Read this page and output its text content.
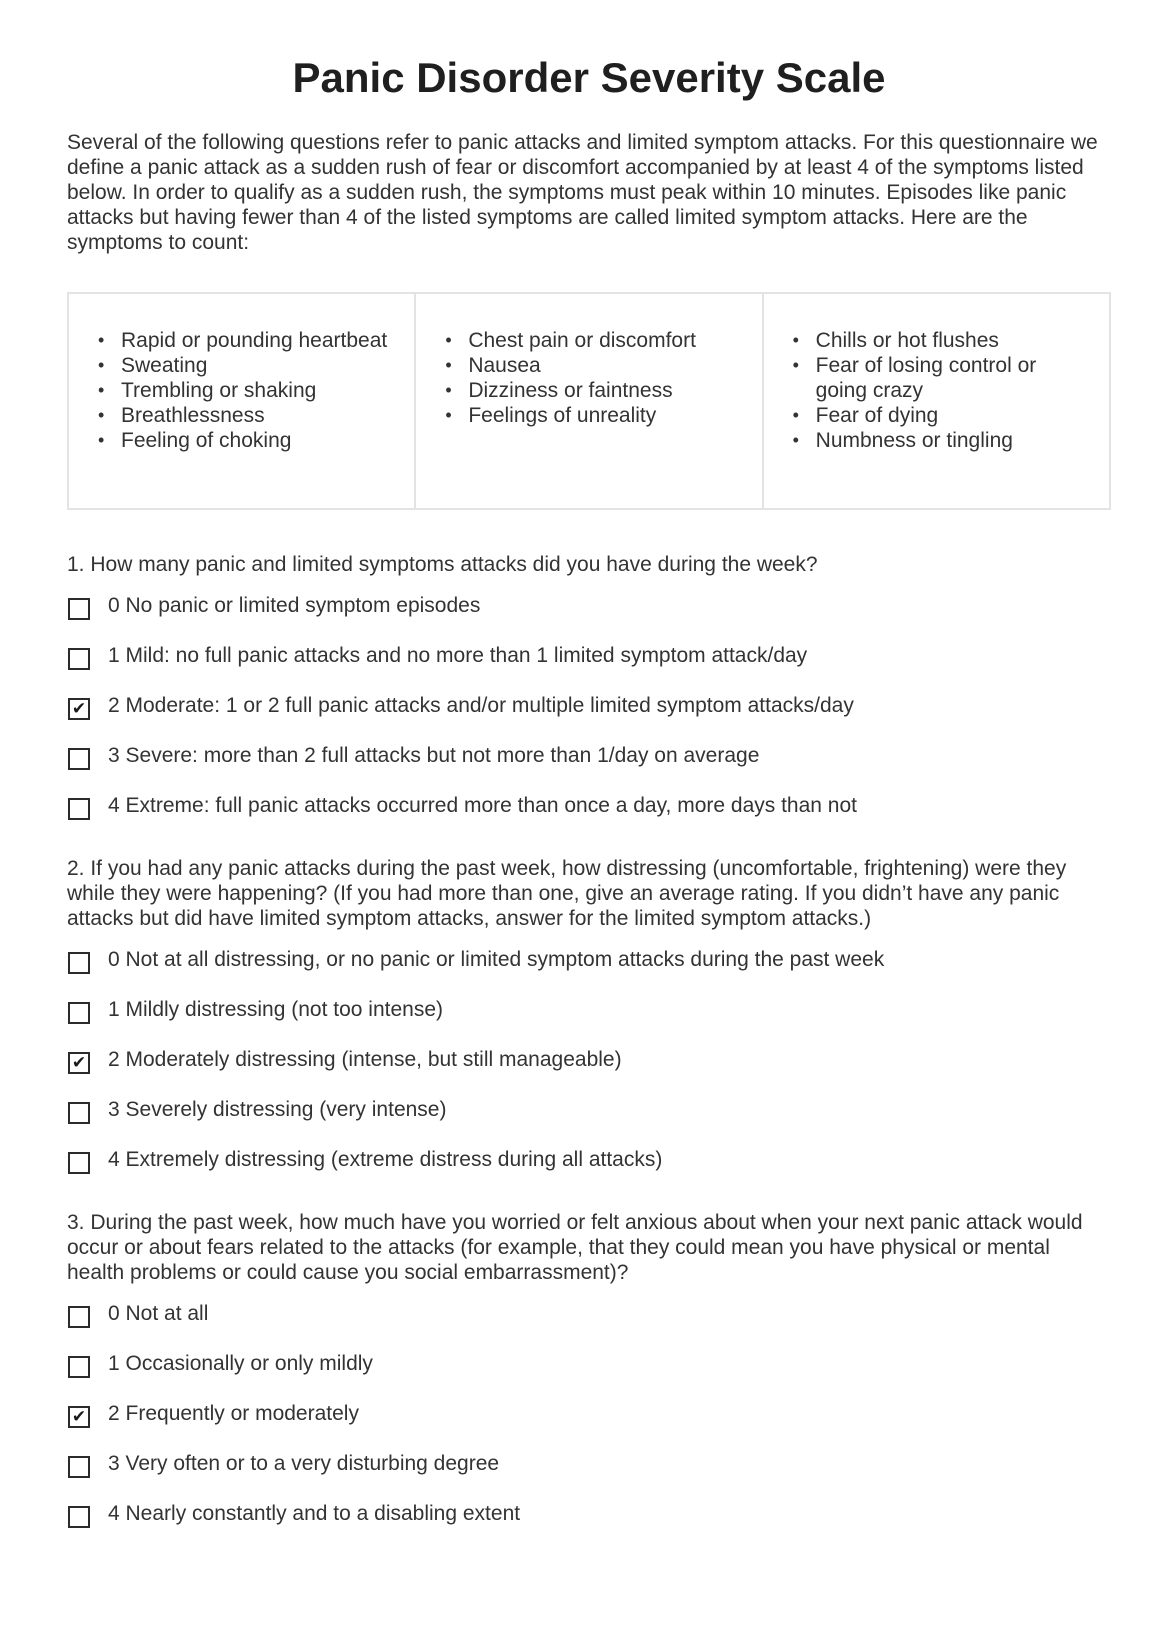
Panic Disorder Severity Scale

Several of the following questions refer to panic attacks and limited symptom attacks. For this questionnaire we define a panic attack as a sudden rush of fear or discomfort accompanied by at least 4 of the symptoms listed below. In order to qualify as a sudden rush, the symptoms must peak within 10 minutes. Episodes like panic attacks but having fewer than 4 of the listed symptoms are called limited symptom attacks. Here are the symptoms to count:

• Rapid or pounding heartbeat
• Sweating
• Trembling or shaking
• Breathlessness
• Feeling of choking
• Chest pain or discomfort
• Nausea
• Dizziness or faintness
• Feelings of unreality
• Chills or hot flushes
• Fear of losing control or going crazy
• Fear of dying
• Numbness or tingling

1. How many panic and limited symptoms attacks did you have during the week?

0 No panic or limited symptom episodes
1 Mild: no full panic attacks and no more than 1 limited symptom attack/day
✔ 2 Moderate: 1 or 2 full panic attacks and/or multiple limited symptom attacks/day
3 Severe: more than 2 full attacks but not more than 1/day on average
4 Extreme: full panic attacks occurred more than once a day, more days than not

2. If you had any panic attacks during the past week, how distressing (uncomfortable, frightening) were they while they were happening? (If you had more than one, give an average rating. If you didn’t have any panic attacks but did have limited symptom attacks, answer for the limited symptom attacks.)

0 Not at all distressing, or no panic or limited symptom attacks during the past week
1 Mildly distressing (not too intense)
✔ 2 Moderately distressing (intense, but still manageable)
3 Severely distressing (very intense)
4 Extremely distressing (extreme distress during all attacks)

3. During the past week, how much have you worried or felt anxious about when your next panic attack would occur or about fears related to the attacks (for example, that they could mean you have physical or mental health problems or could cause you social embarrassment)?

0 Not at all
1 Occasionally or only mildly
✔ 2 Frequently or moderately
3 Very often or to a very disturbing degree
4 Nearly constantly and to a disabling extent
